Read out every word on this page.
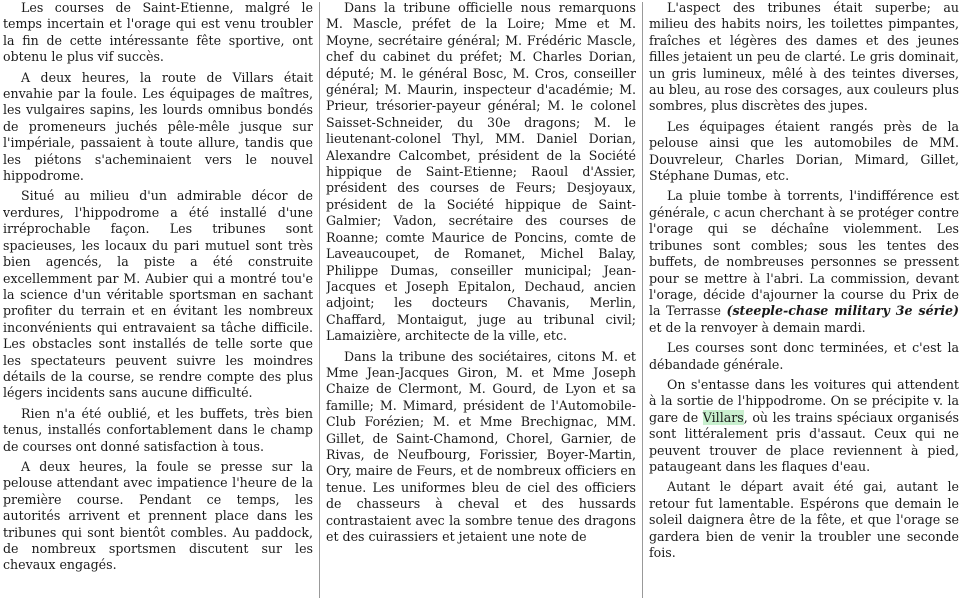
Les courses de Saint-Etienne, malgré le temps incertain et l'orage qui est venu troubler la fin de cette intéressante fête sportive, ont obtenu le plus vif succès.

A deux heures, la route de Villars était envahie par la foule. Les équipages de maîtres, les vulgaires sapins, les lourds omnibus bondés de promeneurs juchés pêle-mêle jusque sur l'impériale, passaient à toute allure, tandis que les piétons s'acheminaient vers le nouvel hippodrome.

Situé au milieu d'un admirable décor de verdures, l'hippodrome a été installé d'une irréprochable façon. Les tribunes sont spacieuses, les locaux du pari mutuel sont très bien agencés, la piste a été construite excellemment par M. Aubier qui a montré tou'e la science d'un véritable sportsman en sachant profiter du terrain et en évitant les nombreux inconvénients qui entravaient sa tâche difficile. Les obstacles sont installés de telle sorte que les spectateurs peuvent suivre les moindres détails de la course, se rendre compte des plus légers incidents sans aucune difficulté.

Rien n'a été oublié, et les buffets, très bien tenus, installés confortablement dans le champ de courses ont donné satisfaction à tous.

A deux heures, la foule se presse sur la pelouse attendant avec impatience l'heure de la première course. Pendant ce temps, les autorités arrivent et prennent place dans les tribunes qui sont bientôt combles. Au paddock, de nombreux sportsmen discutent sur les chevaux engagés.

Dans la tribune officielle nous remarquons M. Mascle, préfet de la Loire; Mme et M. Moyne, secrétaire général; M. Frédéric Mascle, chef du cabinet du préfet; M. Charles Dorian, député; M. le général Bosc, M. Cros, conseiller général; M. Maurin, inspecteur d'académie; M. Prieur, trésorier-payeur général; M. le colonel Saisset-Schneider, du 30e dragons; M. le lieutenant-colonel Thyl, MM. Daniel Dorian, Alexandre Calcombet, président de la Société hippique de Saint-Etienne; Raoul d'Assier, président des courses de Feurs; Desjoyaux, président de la Société hippique de Saint-Galmier; Vadon, secrétaire des courses de Roanne; comte Maurice de Poncins, comte de Laveaucoupet, de Romanet, Michel Balay, Philippe Dumas, conseiller municipal; Jean-Jacques et Joseph Epitalon, Dechaud, ancien adjoint; les docteurs Chavanis, Merlin, Chaffard, Montaigut, juge au tribunal civil; Lamaizière, architecte de la ville, etc.

Dans la tribune des sociétaires, citons M. et Mme Jean-Jacques Giron, M. et Mme Joseph Chaize de Clermont, M. Gourd, de Lyon et sa famille; M. Mimard, président de l'Automobile-Club Forézien; M. et Mme Brechignac, MM. Gillet, de Saint-Chamond, Chorel, Garnier, de Rivas, de Neufbourg, Forissier, Boyer-Martin, Ory, maire de Feurs, et de nombreux officiers en tenue. Les uniformes bleu de ciel des officiers de chasseurs à cheval et des hussards contrastaient avec la sombre tenue des dragons et des cuirassiers et jetaient une note de

L'aspect des tribunes était superbe; au milieu des habits noirs, les toilettes pimpantes, fraîches et légères des dames et des jeunes filles jetaient un peu de clarté. Le gris dominait, un gris lumineux, mêlé à des teintes diverses, au bleu, au rose des corsages, aux couleurs plus sombres, plus discrètes des jupes.

Les équipages étaient rangés près de la pelouse ainsi que les automobiles de MM. Douvreleur, Charles Dorian, Mimard, Gillet, Stéphane Dumas, etc.

La pluie tombe à torrents, l'indifférence est générale, c acun cherchant à se protéger contre l'orage qui se déchaîne violemment. Les tribunes sont combles; sous les tentes des buffets, de nombreuses personnes se pressent pour se mettre à l'abri. La commission, devant l'orage, décide d'ajourner la course du Prix de la Terrasse (steeple-chase military 3e série) et de la renvoyer à demain mardi.

Les courses sont donc terminées, et c'est la débandade générale.

On s'entasse dans les voitures qui attendent à la sortie de l'hippodrome. On se précipite v. la gare de Villars, où les trains spéciaux organisés sont littéralement pris d'assaut. Ceux qui ne peuvent trouver de place reviennent à pied, pataugeant dans les flaques d'eau.

Autant le départ avait été gai, autant le retour fut lamentable. Espérons que demain le soleil daignera être de la fête, et que l'orage se gardera bien de venir la troubler une seconde fois.
